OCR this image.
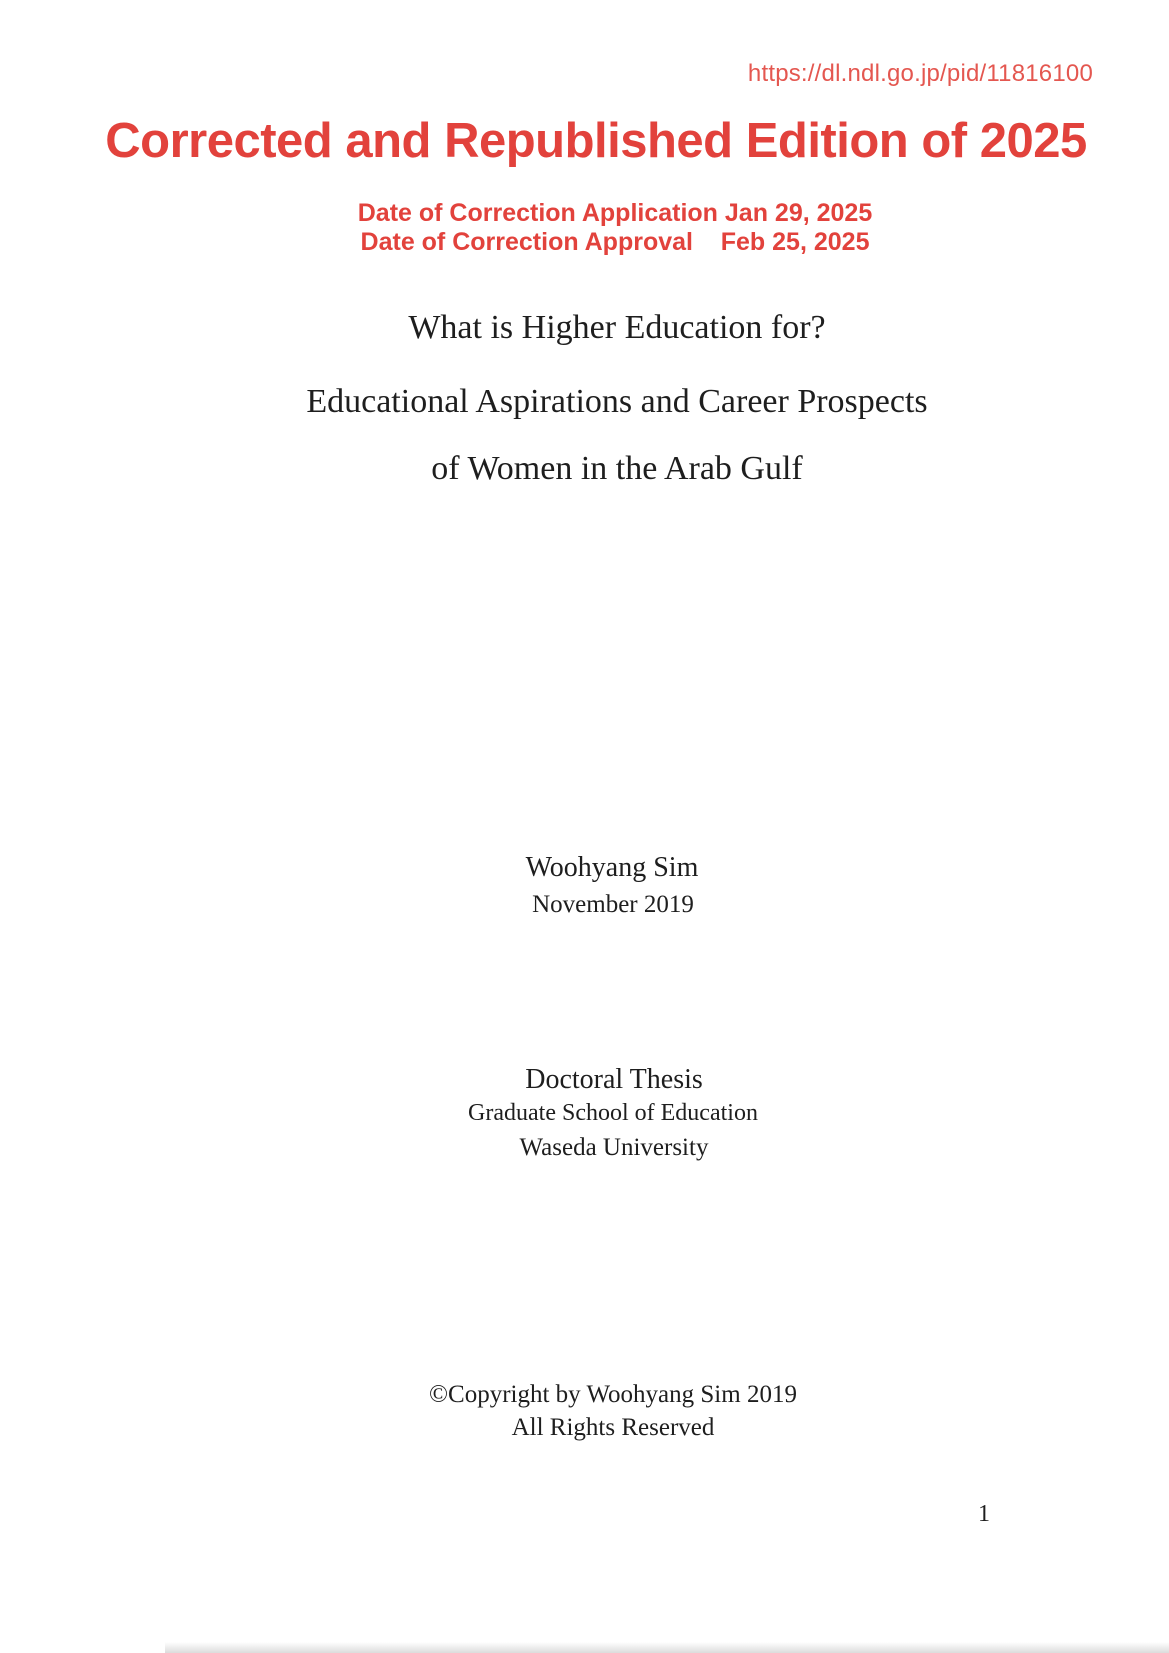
https://dl.ndl.go.jp/pid/11816100
Corrected and Republished Edition of 2025
Date of Correction Application Jan 29, 2025
Date of Correction Approval    Feb 25, 2025
What is Higher Education for?
Educational Aspirations and Career Prospects
of Women in the Arab Gulf
Woohyang Sim
November 2019
Doctoral Thesis
Graduate School of Education
Waseda University
©Copyright by Woohyang Sim 2019
All Rights Reserved
1
